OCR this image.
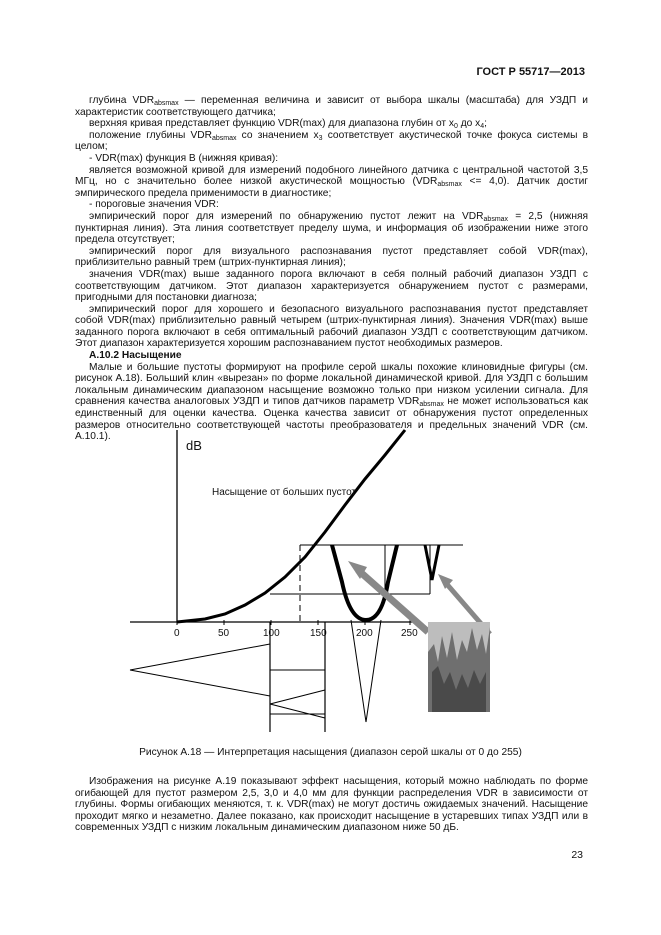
ГОСТ Р 55717—2013

глубина $VDR_{absmax}$ — переменная величина и зависит от выбора шкалы (масштаба) для УЗДП и характеристик соответствующего датчика;

верхняя кривая представляет функцию VDR(max) для диапазона глубин от $x_0$ до $x_4$;

положение глубины $VDR_{absmax}$ со значением $x_3$ соответствует акустической точке фокуса системы в целом;

- VDR(max) функция B (нижняя кривая):

является возможной кривой для измерений подобного линейного датчика с центральной частотой 3,5 МГц, но с значительно более низкой акустической мощностью $(VDR_{absmax} <= 4,0)$. Датчик достиг эмпирического предела применимости в диагностике;

- пороговые значения VDR:

эмпирический порог для измерений по обнаружению пустот лежит на $VDR_{absmax} = 2,5$ (нижняя пунктирная линия). Эта линия соответствует пределу шума, и информация об изображении ниже этого предела отсутствует;

эмпирический порог для визуального распознавания пустот представляет собой VDR(max), приблизительно равный трем (штрих-пунктирная линия);

значения VDR(max) выше заданного порога включают в себя полный рабочий диапазон УЗДП с соответствующим датчиком. Этот диапазон характеризуется обнаружением пустот с размерами, пригодными для постановки диагноза;

эмпирический порог для хорошего и безопасного визуального распознавания пустот представляет собой VDR(max) приблизительно равный четырем (штрих-пунктирная линия). Значения VDR(max) выше заданного порога включают в себя оптимальный рабочий диапазон УЗДП с соответствующим датчиком. Этот диапазон характеризуется хорошим распознаванием пустот необходимых размеров.

А.10.2 Насыщение

Малые и большие пустоты формируют на профиле серой шкалы похожие клиновидные фигуры (см. рисунок А.18). Больший клин «вырезан» по форме локальной динамической кривой. Для УЗДП с большим локальным динамическим диапазоном насыщение возможно только при низком усилении сигнала. Для сравнения качества аналоговых УЗДП и типов датчиков параметр $VDR_{absmax}$ не может использоваться как единственный для оценки качества. Оценка качества зависит от обнаружения пустот определенных размеров относительно соответствующей частоты преобразователя и предельных значений VDR (см. А.10.1).

dB
0	50	100	150	200	250
Насыщение от больших пустот
Рисунок А.18 — Интерпретация насыщения (диапазон серой шкалы от 0 до 255)

Изображения на рисунке А.19 показывают эффект насыщения, который можно наблюдать по форме огибающей для пустот размером 2,5, 3,0 и 4,0 мм для функции распределения VDR в зависимости от глубины. Формы огибающих меняются, т. к. VDR(max) не могут достичь ожидаемых значений. Насыщение проходит мягко и незаметно. Далее показано, как происходит насыщение в устаревших типах УЗДП или в современных УЗДП с низким локальным динамическим диапазоном ниже 50 дБ.

23
